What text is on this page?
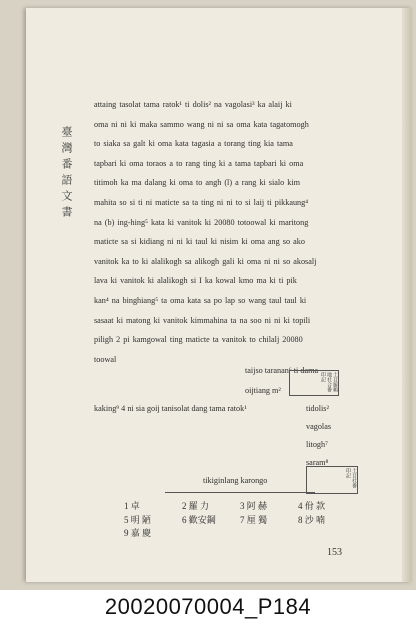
臺灣番語文書
attaing tasolat tama ratok¹ ti dolis² na vagolasi³ ka alaij ki
oma ni ni ki maka sammo wang ni ni sa oma kata tagatomogh
to siaka sa galt ki oma kata tagasia a torang ting kia tama
tapbari ki oma toraos a to rang ting ki a tama tapbari ki oma
titimoh ka ma dalang ki oma to angh (l) a rang ki sialo kim
mahita so si ti ni maticte sa ta ting ni ni to si laij ti pikkaung⁴
na (b) ing-hing⁵ kata ki vanitok ki 20080 totoowal ki maritong
maticte sa si kidiang ni ni ki taul ki nisim ki oma ang so ako
vanitok ka to ki alalikogh sa alikogh gali ki oma ni ni so akosalj
lava ki vanitok ki alalikogh si I ka kowal kmo ma ki ti pik
kan⁴ na binghiang⁵ ta oma kata sa po lap so wang taul taul ki
sasaat ki matong ki vanitok kimmahina ta na soo ni ni ki topili
piligh 2 pi kamgowal ting maticte ta vanitok to chilalj 20080
toowal
taijso taranan⁶ ti dama
oijtiang m²	土目羅賴地社合番印記
kaking⁹ 4 ni sia goij tanisolat dang tama ratok¹	tidolis²
vagolas
litogh⁷
saram⁸
tikiginlang karongo	土目社番印記
1 卓	2 羅 力	3 阿 赫	4 佾 款
5 明 陋	6 歡安鋼	7 厘 獨	8 沙 喃
9 嘉 慶
153
20020070004_P184
